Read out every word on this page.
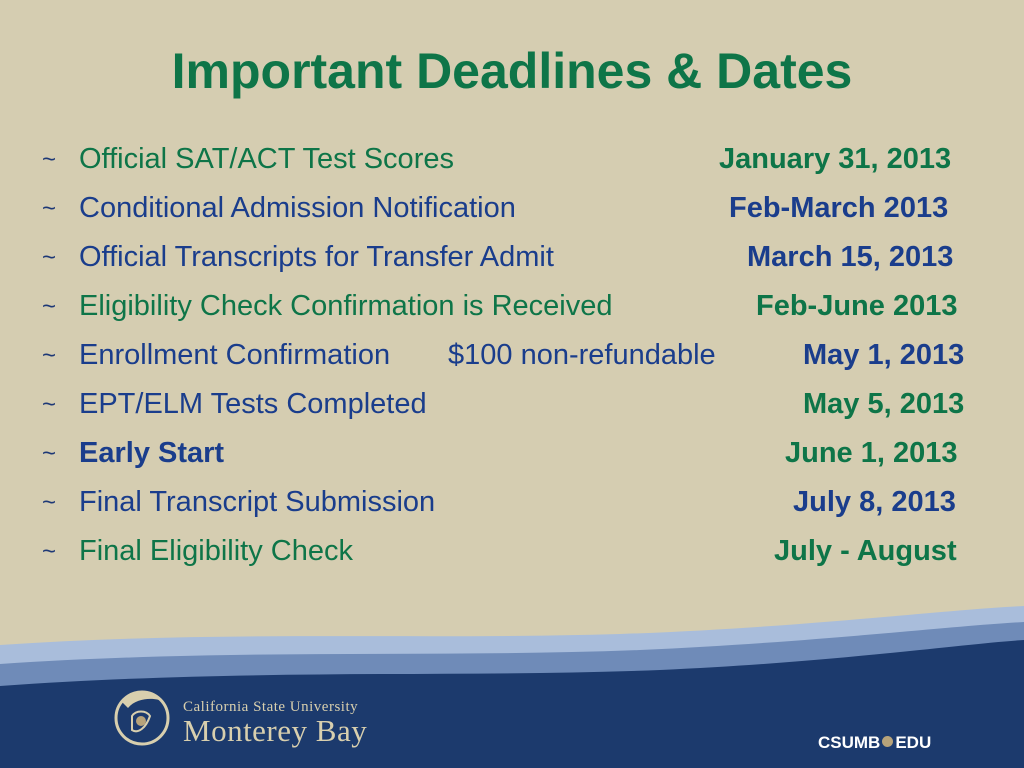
Important Deadlines & Dates
~ Official SAT/ACT Test Scores	January 31, 2013
~ Conditional Admission Notification	Feb-March 2013
~ Official Transcripts for Transfer Admit	March 15, 2013
~ Eligibility Check Confirmation is Received	Feb-June 2013
~ Enrollment Confirmation $100 non-refundable	May 1, 2013
~ EPT/ELM Tests Completed	May 5, 2013
~ Early Start	June 1, 2013
~ Final Transcript Submission	July 8, 2013
~ Final Eligibility Check	July - August
California State University
Monterey Bay	CSUMB EDU
